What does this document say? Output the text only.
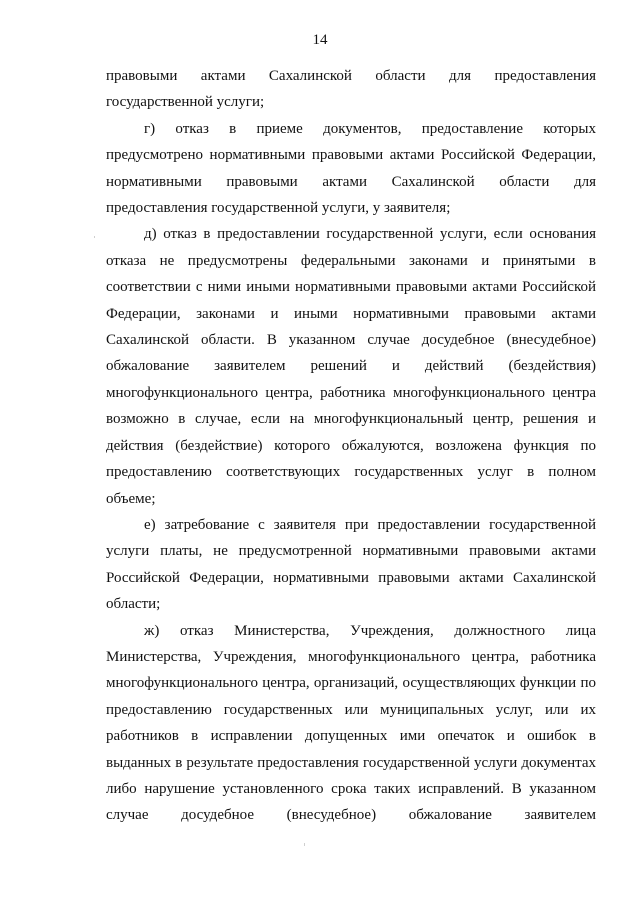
14

правовыми актами Сахалинской области для предоставления государственной услуги;

г) отказ в приеме документов, предоставление которых предусмотрено нормативными правовыми актами Российской Федерации, нормативными правовыми актами Сахалинской области для предоставления государственной услуги, у заявителя;

д) отказ в предоставлении государственной услуги, если основания отказа не предусмотрены федеральными законами и принятыми в соответствии с ними иными нормативными правовыми актами Российской Федерации, законами и иными нормативными правовыми актами Сахалинской области. В указанном случае досудебное (внесудебное) обжалование заявителем решений и действий (бездействия) многофункционального центра, работника многофункционального центра возможно в случае, если на многофункциональный центр, решения и действия (бездействие) которого обжалуются, возложена функция по предоставлению соответствующих государственных услуг в полном объеме;

е) затребование с заявителя при предоставлении государственной услуги платы, не предусмотренной нормативными правовыми актами Российской Федерации, нормативными правовыми актами Сахалинской области;

ж) отказ Министерства, Учреждения, должностного лица Министерства, Учреждения, многофункционального центра, работника многофункционального центра, организаций, осуществляющих функции по предоставлению государственных или муниципальных услуг, или их работников в исправлении допущенных ими опечаток и ошибок в выданных в результате предоставления государственной услуги документах либо нарушение установленного срока таких исправлений. В указанном случае досудебное (внесудебное) обжалование заявителем
